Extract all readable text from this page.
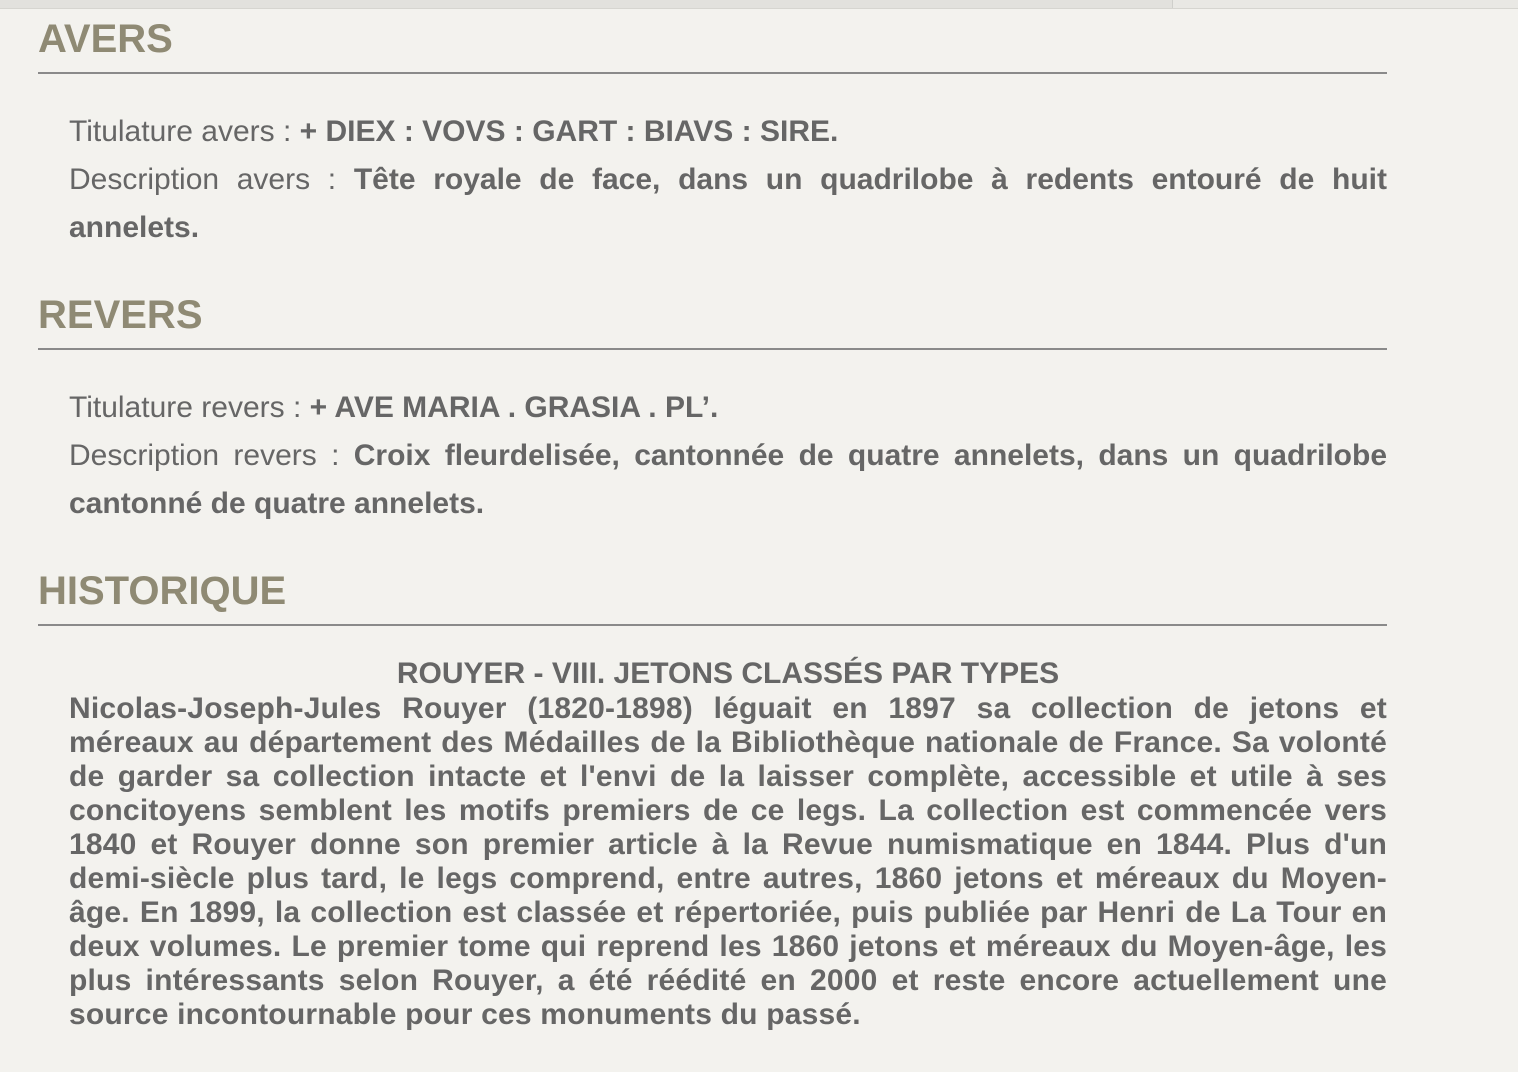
AVERS

Titulature avers : + DIEX : VOVS : GART : BIAVS : SIRE.

Description avers : Tête royale de face, dans un quadrilobe à redents entouré de huit annelets.

REVERS

Titulature revers : + AVE MARIA . GRASIA . PL’.

Description revers : Croix fleurdelisée, cantonnée de quatre annelets, dans un quadrilobe cantonné de quatre annelets.

HISTORIQUE
ROUYER - VIII. JETONS CLASSÉS PAR TYPES

Nicolas-Joseph-Jules Rouyer (1820-1898) léguait en 1897 sa collection de jetons et méreaux au département des Médailles de la Bibliothèque nationale de France. Sa volonté de garder sa collection intacte et l'envi de la laisser complète, accessible et utile à ses concitoyens semblent les motifs premiers de ce legs. La collection est commencée vers 1840 et Rouyer donne son premier article à la Revue numismatique en 1844. Plus d'un demi-siècle plus tard, le legs comprend, entre autres, 1860 jetons et méreaux du Moyen-âge. En 1899, la collection est classée et répertoriée, puis publiée par Henri de La Tour en deux volumes. Le premier tome qui reprend les 1860 jetons et méreaux du Moyen-âge, les plus intéressants selon Rouyer, a été réédité en 2000 et reste encore actuellement une source incontournable pour ces monuments du passé.
